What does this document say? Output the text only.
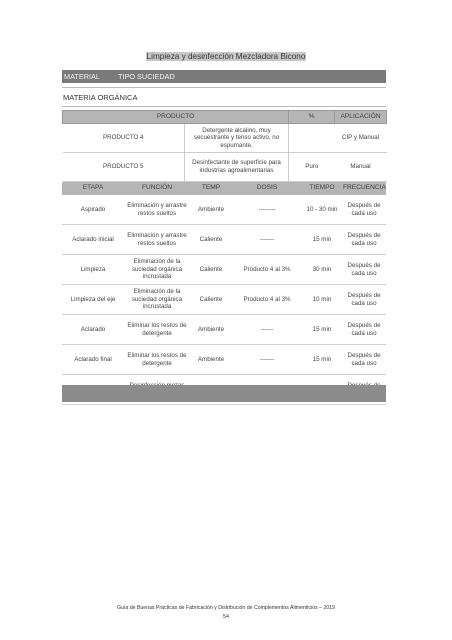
Limpieza y desinfección Mezcladora Bicono
MATERIAL TIPO SUCIEDAD
MATERIA ORGÁNICA
PRODUCTO		%	APLICACIÓN
PRODUCTO 4	Detergente alcalino, muy secuestrante y tenso activo, no espumante.		CIP y Manual
PRODUCTO 5	Desinfectante de superficie para industrias agroalimentarias	Puro	Manual
ETAPA	FUNCIÓN	TEMP	DOSIS	TIEMPO	FRECUENCIA
Aspirado	Eliminación y arrastre restos sueltos	Ambiente	--------	10 - 30 min	Después de cada uso
Aclarado inicial	Eliminación y arrastre restos sueltos	Caliente	-------	15 min	Después de cada uso
Limpieza	Eliminación de la suciedad orgánica incrustada	Caliente	Producto 4 al 3%	30 min	Después de cada uso
Limpieza del eje	Eliminación de la suciedad orgánica incrustada	Caliente	Producto 4 al 3%	10 min	Después de cada uso
Aclarado	Eliminar los restos de detergente	Ambiente	------	15 min	Después de cada uso
Aclarado final	Eliminar los restos de detergente	Ambiente	-------	15 min	Después de cada uso

Guía de Buenas Prácticas de Fabricación y Distribución de Complementos Alimenticios – 2019
54
